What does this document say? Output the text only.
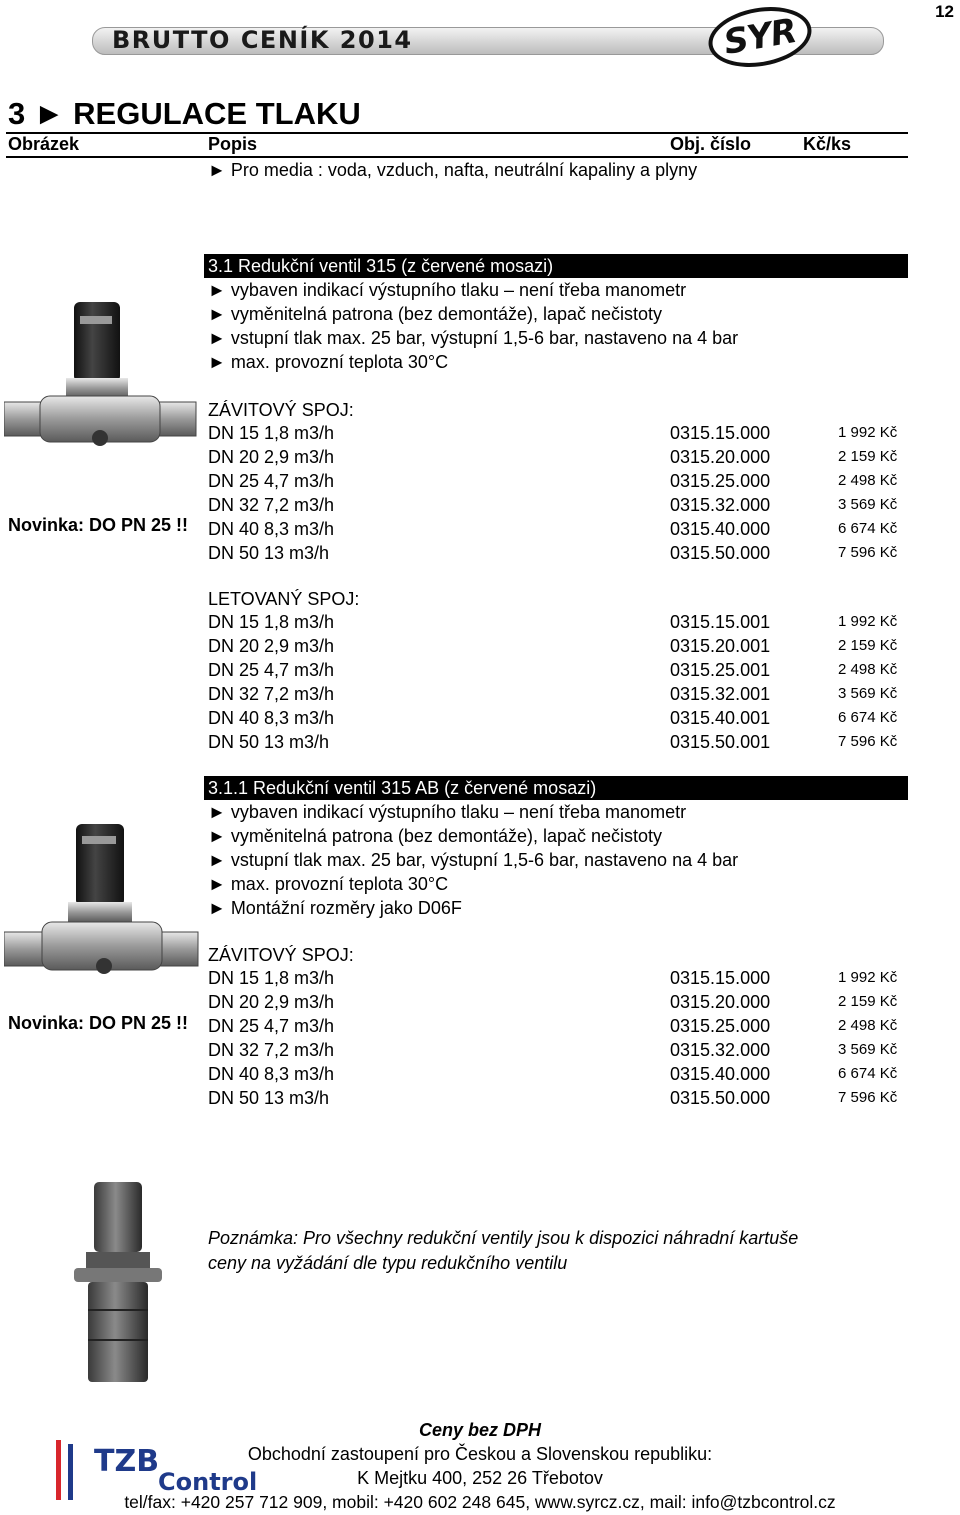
12
BRUTTO CENÍK 2014	SYR
3 ► REGULACE TLAKU
Obrázek	Popis	Obj. číslo	Kč/ks
► Pro media : voda, vzduch, nafta, neutrální kapaliny a plyny
Novinka: DO PN 25 !!
3.1 Redukční ventil 315 (z červené mosazi)
► vybaven indikací výstupního tlaku – není třeba manometr
► vyměnitelná patrona (bez demontáže), lapač nečistoty
► vstupní tlak max. 25 bar, výstupní 1,5-6 bar, nastaveno na 4 bar
► max. provozní teplota 30°C
ZÁVITOVÝ SPOJ:
DN 15 1,8 m3/h	0315.15.000	1 992 Kč
DN 20 2,9 m3/h	0315.20.000	2 159 Kč
DN 25 4,7 m3/h	0315.25.000	2 498 Kč
DN 32 7,2 m3/h	0315.32.000	3 569 Kč
DN 40 8,3 m3/h	0315.40.000	6 674 Kč
DN 50 13 m3/h	0315.50.000	7 596 Kč
LETOVANÝ SPOJ:
DN 15 1,8 m3/h	0315.15.001	1 992 Kč
DN 20 2,9 m3/h	0315.20.001	2 159 Kč
DN 25 4,7 m3/h	0315.25.001	2 498 Kč
DN 32 7,2 m3/h	0315.32.001	3 569 Kč
DN 40 8,3 m3/h	0315.40.001	6 674 Kč
DN 50 13 m3/h	0315.50.001	7 596 Kč
Novinka: DO PN 25 !!
3.1.1 Redukční ventil 315 AB (z červené mosazi)
► vybaven indikací výstupního tlaku – není třeba manometr
► vyměnitelná patrona (bez demontáže), lapač nečistoty
► vstupní tlak max. 25 bar, výstupní 1,5-6 bar, nastaveno na 4 bar
► max. provozní teplota 30°C
► Montážní rozměry jako D06F
ZÁVITOVÝ SPOJ:
DN 15 1,8 m3/h	0315.15.000	1 992 Kč
DN 20 2,9 m3/h	0315.20.000	2 159 Kč
DN 25 4,7 m3/h	0315.25.000	2 498 Kč
DN 32 7,2 m3/h	0315.32.000	3 569 Kč
DN 40 8,3 m3/h	0315.40.000	6 674 Kč
DN 50 13 m3/h	0315.50.000	7 596 Kč
Poznámka: Pro všechny redukční ventily jsou k dispozici náhradní kartuše
ceny na vyžádání dle typu redukčního ventilu
TZB
Control
Ceny bez DPH
Obchodní zastoupení pro Českou a Slovenskou republiku:
K Mejtku 400, 252 26 Třebotov
tel/fax: +420 257 712 909, mobil: +420 602 248 645, www.syrcz.cz, mail: info@tzbcontrol.cz
